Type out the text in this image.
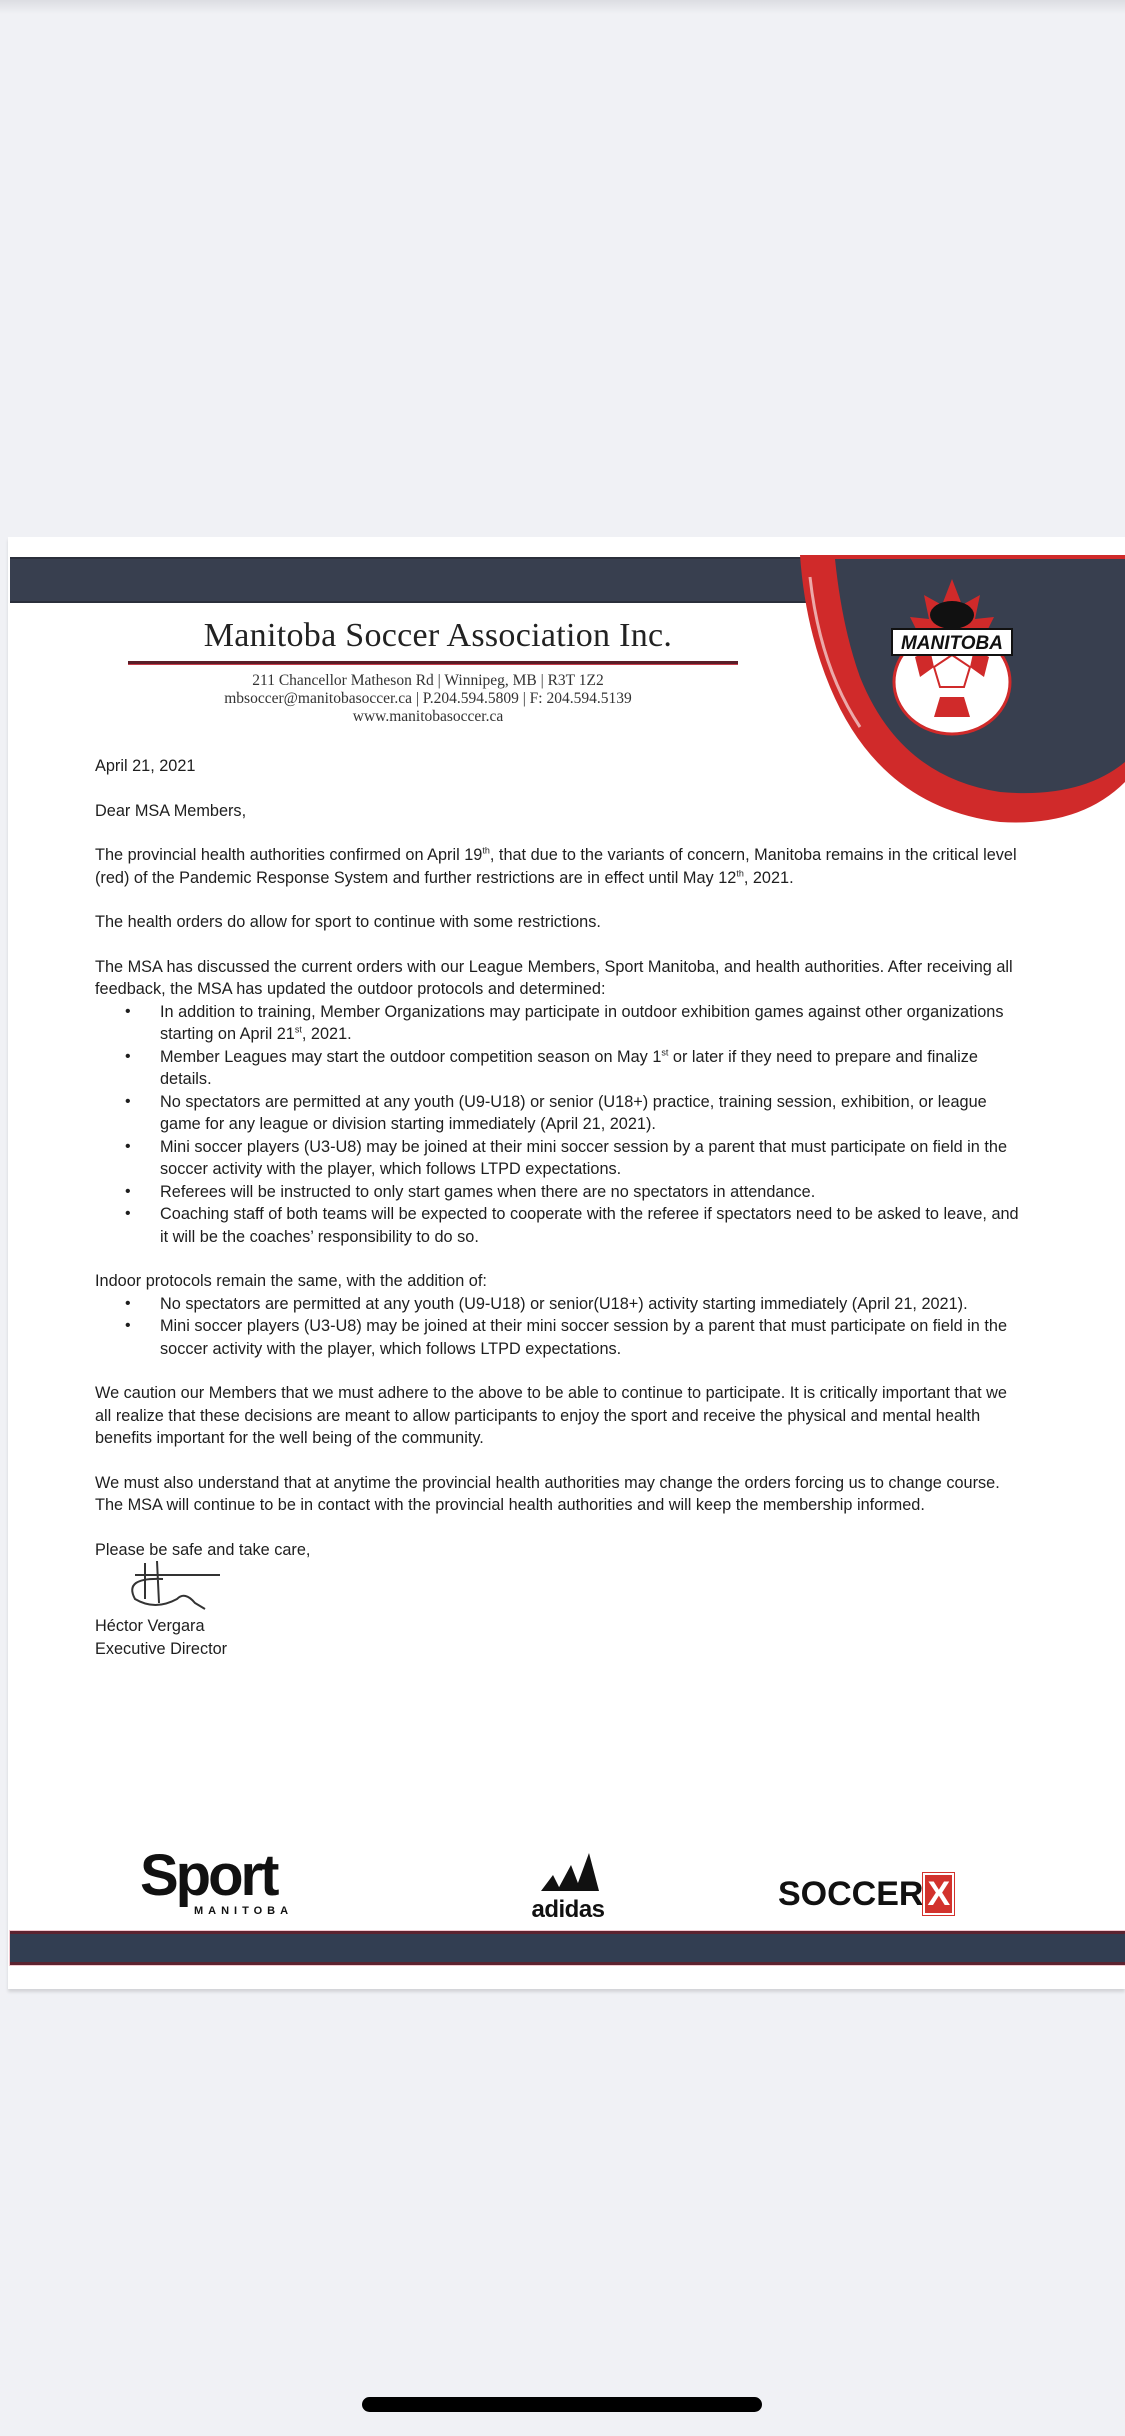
MANITOBA
Manitoba Soccer Association Inc.
211 Chancellor Matheson Rd | Winnipeg, MB | R3T 1Z2
mbsoccer@manitobasoccer.ca | P.204.594.5809 | F: 204.594.5139
www.manitobasoccer.ca

April 21, 2021

Dear MSA Members,

The provincial health authorities confirmed on April 19th, that due to the variants of concern, Manitoba remains in the critical level (red) of the Pandemic Response System and further restrictions are in effect until May 12th, 2021.

The health orders do allow for sport to continue with some restrictions.

The MSA has discussed the current orders with our League Members, Sport Manitoba, and health authorities. After receiving all feedback, the MSA has updated the outdoor protocols and determined:

• In addition to training, Member Organizations may participate in outdoor exhibition games against other organizations starting on April 21st, 2021.
• Member Leagues may start the outdoor competition season on May 1st or later if they need to prepare and finalize details.
• No spectators are permitted at any youth (U9-U18) or senior (U18+) practice, training session, exhibition, or league game for any league or division starting immediately (April 21, 2021).
• Mini soccer players (U3-U8) may be joined at their mini soccer session by a parent that must participate on field in the soccer activity with the player, which follows LTPD expectations.
• Referees will be instructed to only start games when there are no spectators in attendance.
• Coaching staff of both teams will be expected to cooperate with the referee if spectators need to be asked to leave, and it will be the coaches’ responsibility to do so.

Indoor protocols remain the same, with the addition of:

• No spectators are permitted at any youth (U9-U18) or senior(U18+) activity starting immediately (April 21, 2021).
• Mini soccer players (U3-U8) may be joined at their mini soccer session by a parent that must participate on field in the soccer activity with the player, which follows LTPD expectations.

We caution our Members that we must adhere to the above to be able to continue to participate. It is critically important that we all realize that these decisions are meant to allow participants to enjoy the sport and receive the physical and mental health benefits important for the well being of the community.

We must also understand that at anytime the provincial health authorities may change the orders forcing us to change course. The MSA will continue to be in contact with the provincial health authorities and will keep the membership informed.

Please be safe and take care,

Héctor Vergara
Executive Director
Sport
MANITOBA	adidas	SOCCER X
